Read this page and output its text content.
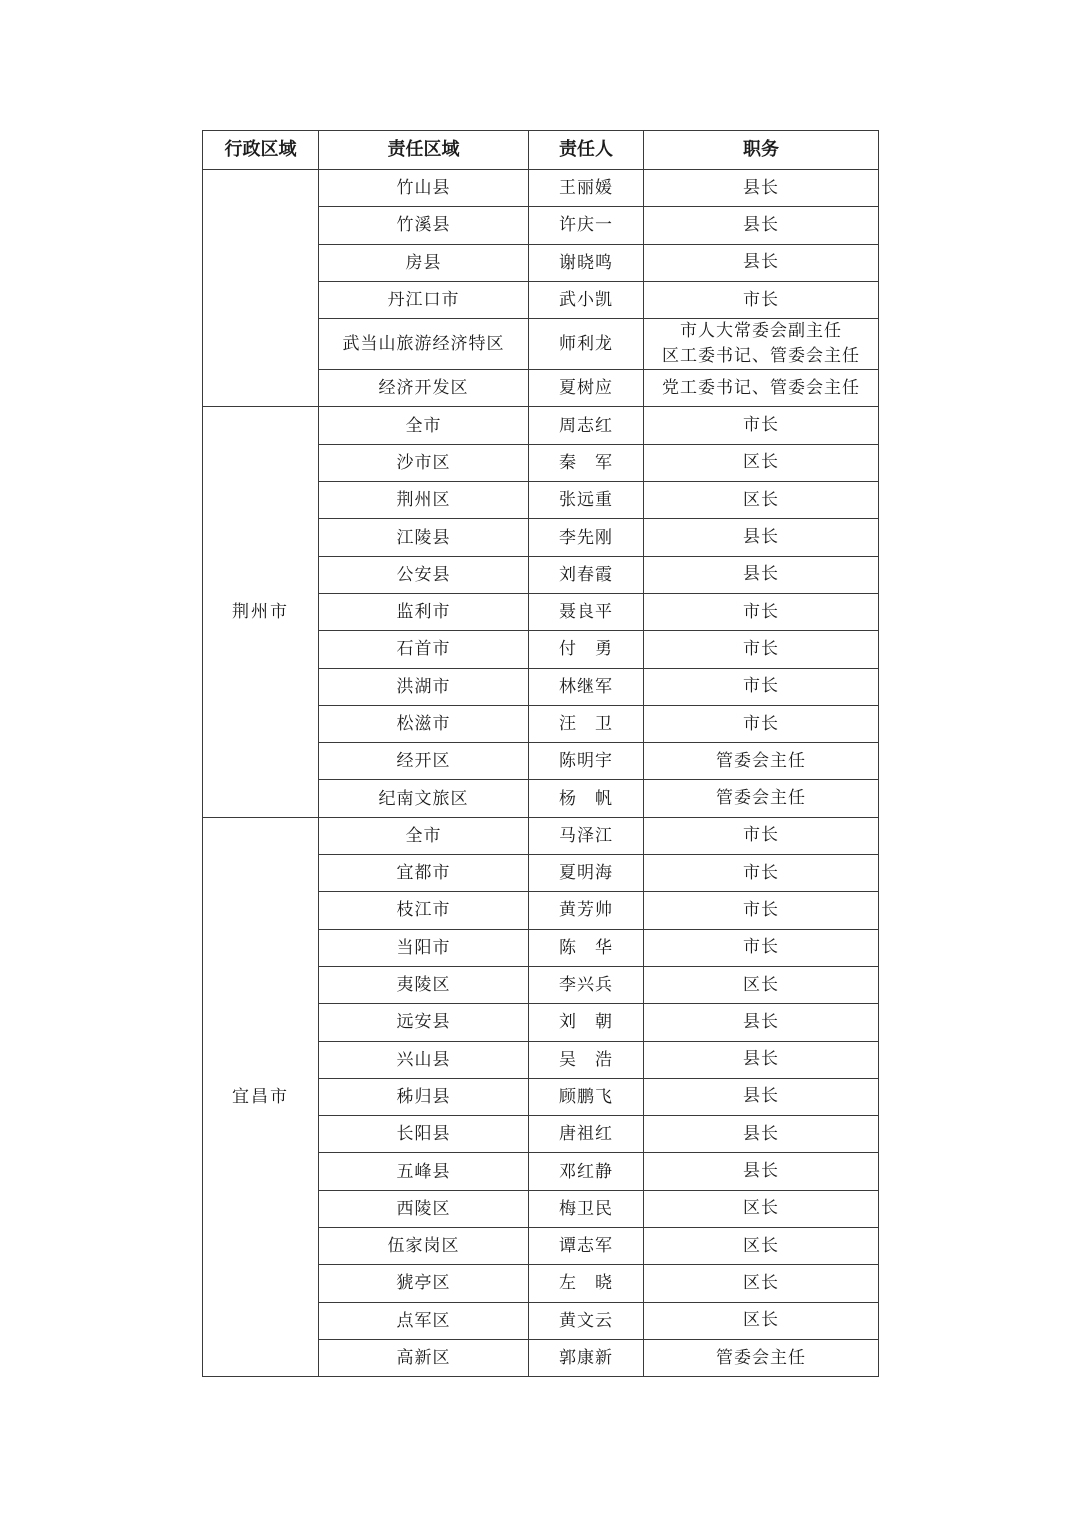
行政区域	责任区域	责任人	职务
	竹山县	王丽媛	县长

	竹溪县	许庆一	县长

	房县	谢晓鸣	县长

	丹江口市	武小凯	市长

	武当山旅游经济特区	师利龙	市人大常委会副主任
区工委书记、管委会主任

	经济开发区	夏树应	党工委书记、管委会主任

荆州市	全市	周志红	市长

	沙市区	秦　军	区长

	荆州区	张远重	区长

	江陵县	李先刚	县长

	公安县	刘春霞	县长

	监利市	聂良平	市长

	石首市	付　勇	市长

	洪湖市	林继军	市长

	松滋市	汪　卫	市长

	经开区	陈明宇	管委会主任

	纪南文旅区	杨　帆	管委会主任

宜昌市	全市	马泽江	市长

	宜都市	夏明海	市长

	枝江市	黄芳帅	市长

	当阳市	陈　华	市长

	夷陵区	李兴兵	区长

	远安县	刘　朝	县长

	兴山县	吴　浩	县长

	秭归县	顾鹏飞	县长

	长阳县	唐祖红	县长

	五峰县	邓红静	县长

	西陵区	梅卫民	区长

	伍家岗区	谭志军	区长

	猇亭区	左　晓	区长

	点军区	黄文云	区长

	高新区	郭康新	管委会主任
